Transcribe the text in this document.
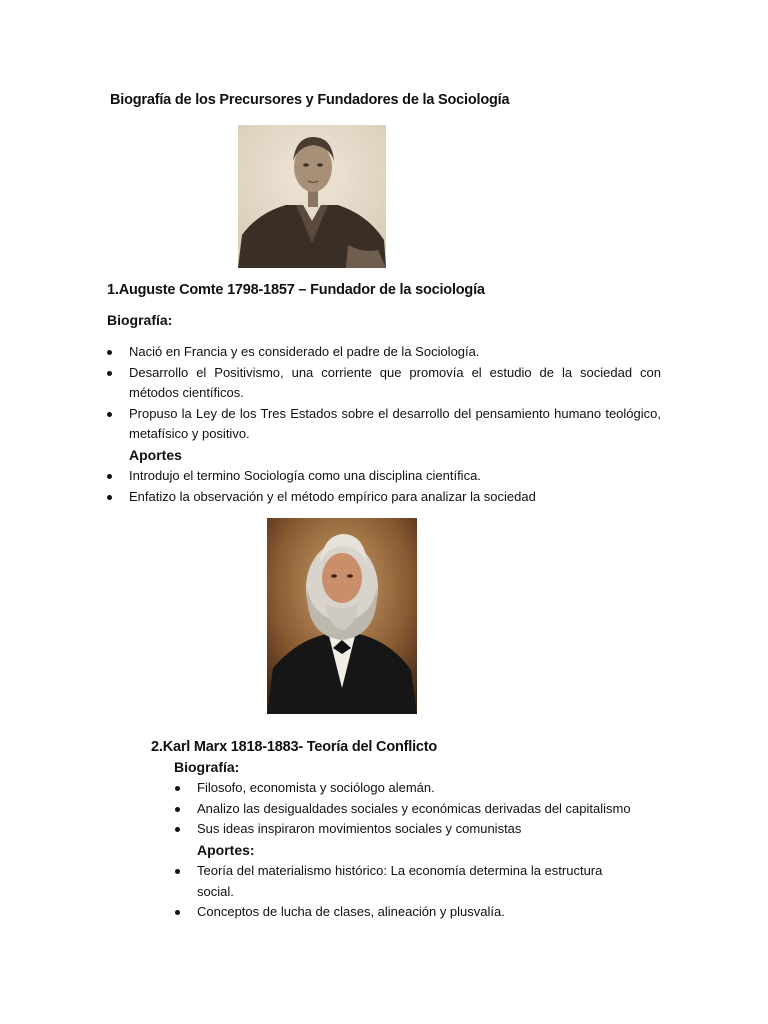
Biografía de los Precursores y Fundadores de la Sociología
1.Auguste Comte 1798-1857 – Fundador de la sociología
Biografía:
Nació en Francia y es considerado el padre de la Sociología.
Desarrollo el Positivismo, una corriente que promovía el estudio de la sociedad con métodos científicos.
Propuso la Ley de los Tres Estados sobre el desarrollo del pensamiento humano teológico, metafísico y positivo.
Aportes
Introdujo el termino Sociología como una disciplina científica.
Enfatizo la observación y el método empírico para analizar la sociedad
2.Karl Marx 1818-1883- Teoría del Conflicto
Biografía:
Filosofo, economista y sociólogo alemán.
Analizo las desigualdades sociales y económicas derivadas del capitalismo
Sus ideas inspiraron movimientos sociales y comunistas
Aportes:
Teoría del materialismo histórico: La economía determina la estructura social.
Conceptos de lucha de clases, alineación y plusvalía.
